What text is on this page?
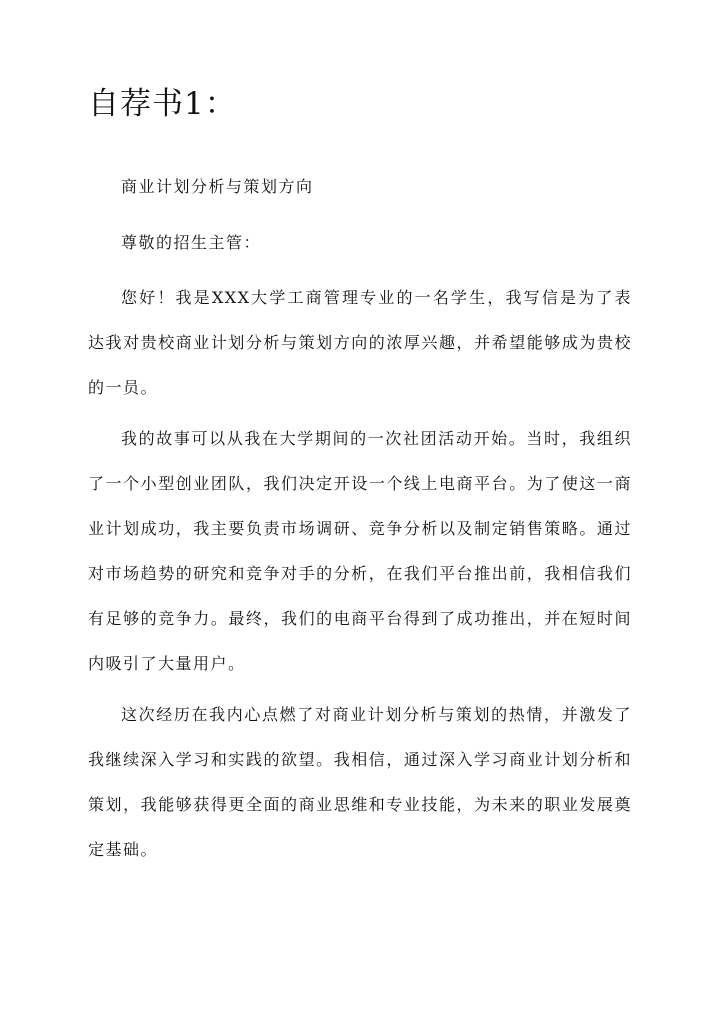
自荐书1：

商业计划分析与策划方向

尊敬的招生主管：

您好！我是XXX大学工商管理专业的一名学生，我写信是为了表达我对贵校商业计划分析与策划方向的浓厚兴趣，并希望能够成为贵校的一员。

我的故事可以从我在大学期间的一次社团活动开始。当时，我组织了一个小型创业团队，我们决定开设一个线上电商平台。为了使这一商业计划成功，我主要负责市场调研、竞争分析以及制定销售策略。通过对市场趋势的研究和竞争对手的分析，在我们平台推出前，我相信我们有足够的竞争力。最终，我们的电商平台得到了成功推出，并在短时间内吸引了大量用户。

这次经历在我内心点燃了对商业计划分析与策划的热情，并激发了我继续深入学习和实践的欲望。我相信，通过深入学习商业计划分析和策划，我能够获得更全面的商业思维和专业技能，为未来的职业发展奠定基础。
